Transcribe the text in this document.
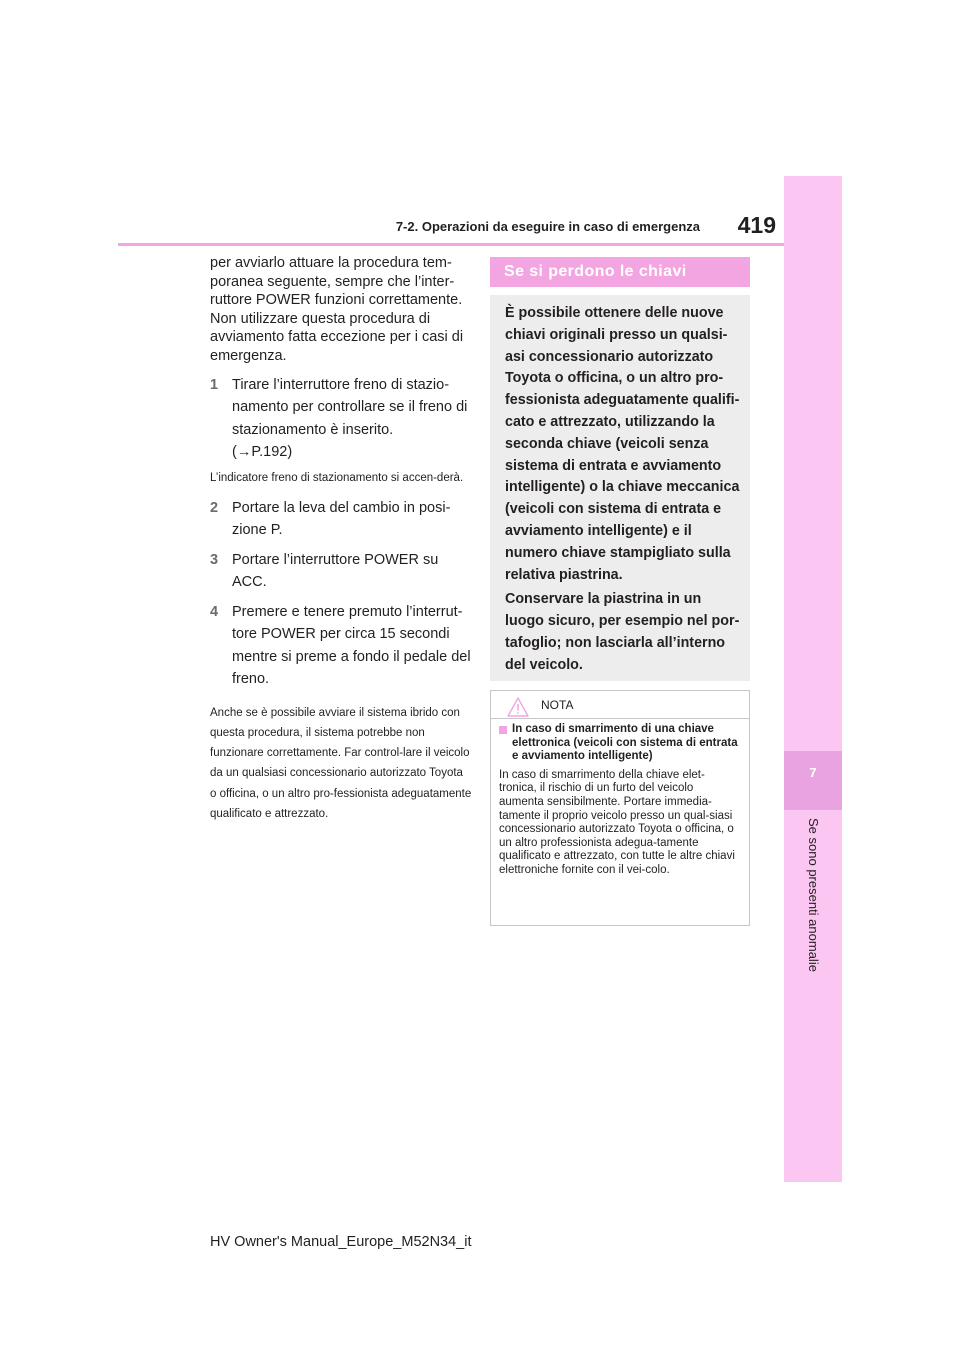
7-2. Operazioni da eseguire in caso di emergenza	419
7
Se sono presenti anomalie

per avviarlo attuare la procedura tem-poranea seguente, sempre che l’inter-ruttore POWER funzioni correttamente. Non utilizzare questa procedura di avviamento fatta eccezione per i casi di emergenza.

1 Tirare l’interruttore freno di stazio-namento per controllare se il freno di stazionamento è inserito.
(→P.192)

L’indicatore freno di stazionamento si accen-derà.

2 Portare la leva del cambio in posi-zione P.
3 Portare l’interruttore POWER su ACC.
4 Premere e tenere premuto l’interrut-tore POWER per circa 15 secondi mentre si preme a fondo il pedale del freno.

Anche se è possibile avviare il sistema ibrido con questa procedura, il sistema potrebbe non funzionare correttamente. Far control-lare il veicolo da un qualsiasi concessionario autorizzato Toyota o officina, o un altro pro-fessionista adeguatamente qualificato e attrezzato.

Se si perdono le chiavi

È possibile ottenere delle nuove chiavi originali presso un qualsi-asi concessionario autorizzato Toyota o officina, o un altro pro-fessionista adeguatamente qualifi-cato e attrezzato, utilizzando la seconda chiave (veicoli senza sistema di entrata e avviamento intelligente) o la chiave meccanica (veicoli con sistema di entrata e avviamento intelligente) e il numero chiave stampigliato sulla relativa piastrina.

Conservare la piastrina in un luogo sicuro, per esempio nel por-tafoglio; non lasciarla all’interno del veicolo.

NOTA
In caso di smarrimento di una chiave elettronica (veicoli con sistema di entrata e avviamento intelligente)
In caso di smarrimento della chiave elet-tronica, il rischio di un furto del veicolo aumenta sensibilmente. Portare immedia-tamente il proprio veicolo presso un qual-siasi concessionario autorizzato Toyota o officina, o un altro professionista adegua-tamente qualificato e attrezzato, con tutte le altre chiavi elettroniche fornite con il vei-colo.
HV Owner's Manual_Europe_M52N34_it
